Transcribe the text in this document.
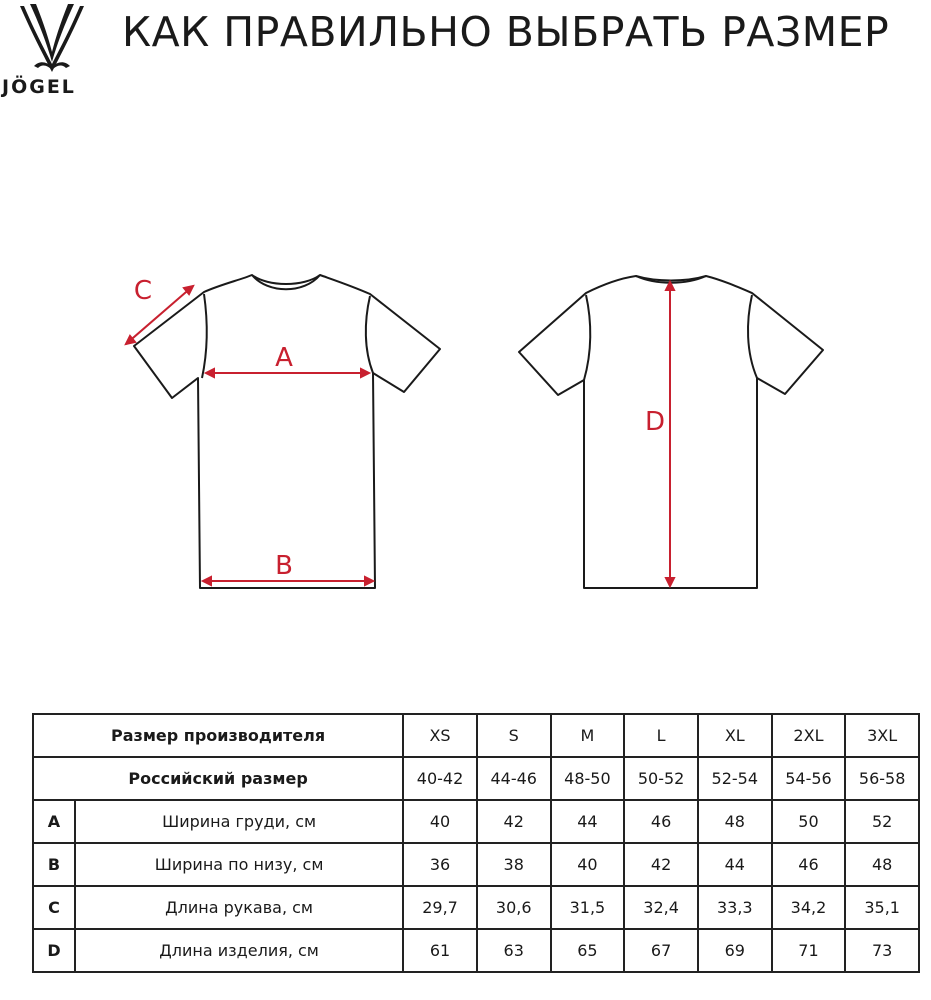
JÖGEL
КАК ПРАВИЛЬНО ВЫБРАТЬ РАЗМЕР
A
B
C
D
Размер производителя		XS	S	M	L	XL	2XL	3XL
Российский размер		40-42	44-46	48-50	50-52	52-54	54-56	56-58
A	Ширина груди, см	40	42	44	46	48	50	52
B	Ширина по низу, см	36	38	40	42	44	46	48
C	Длина рукава, см	29,7	30,6	31,5	32,4	33,3	34,2	35,1
D	Длина изделия, см	61	63	65	67	69	71	73
